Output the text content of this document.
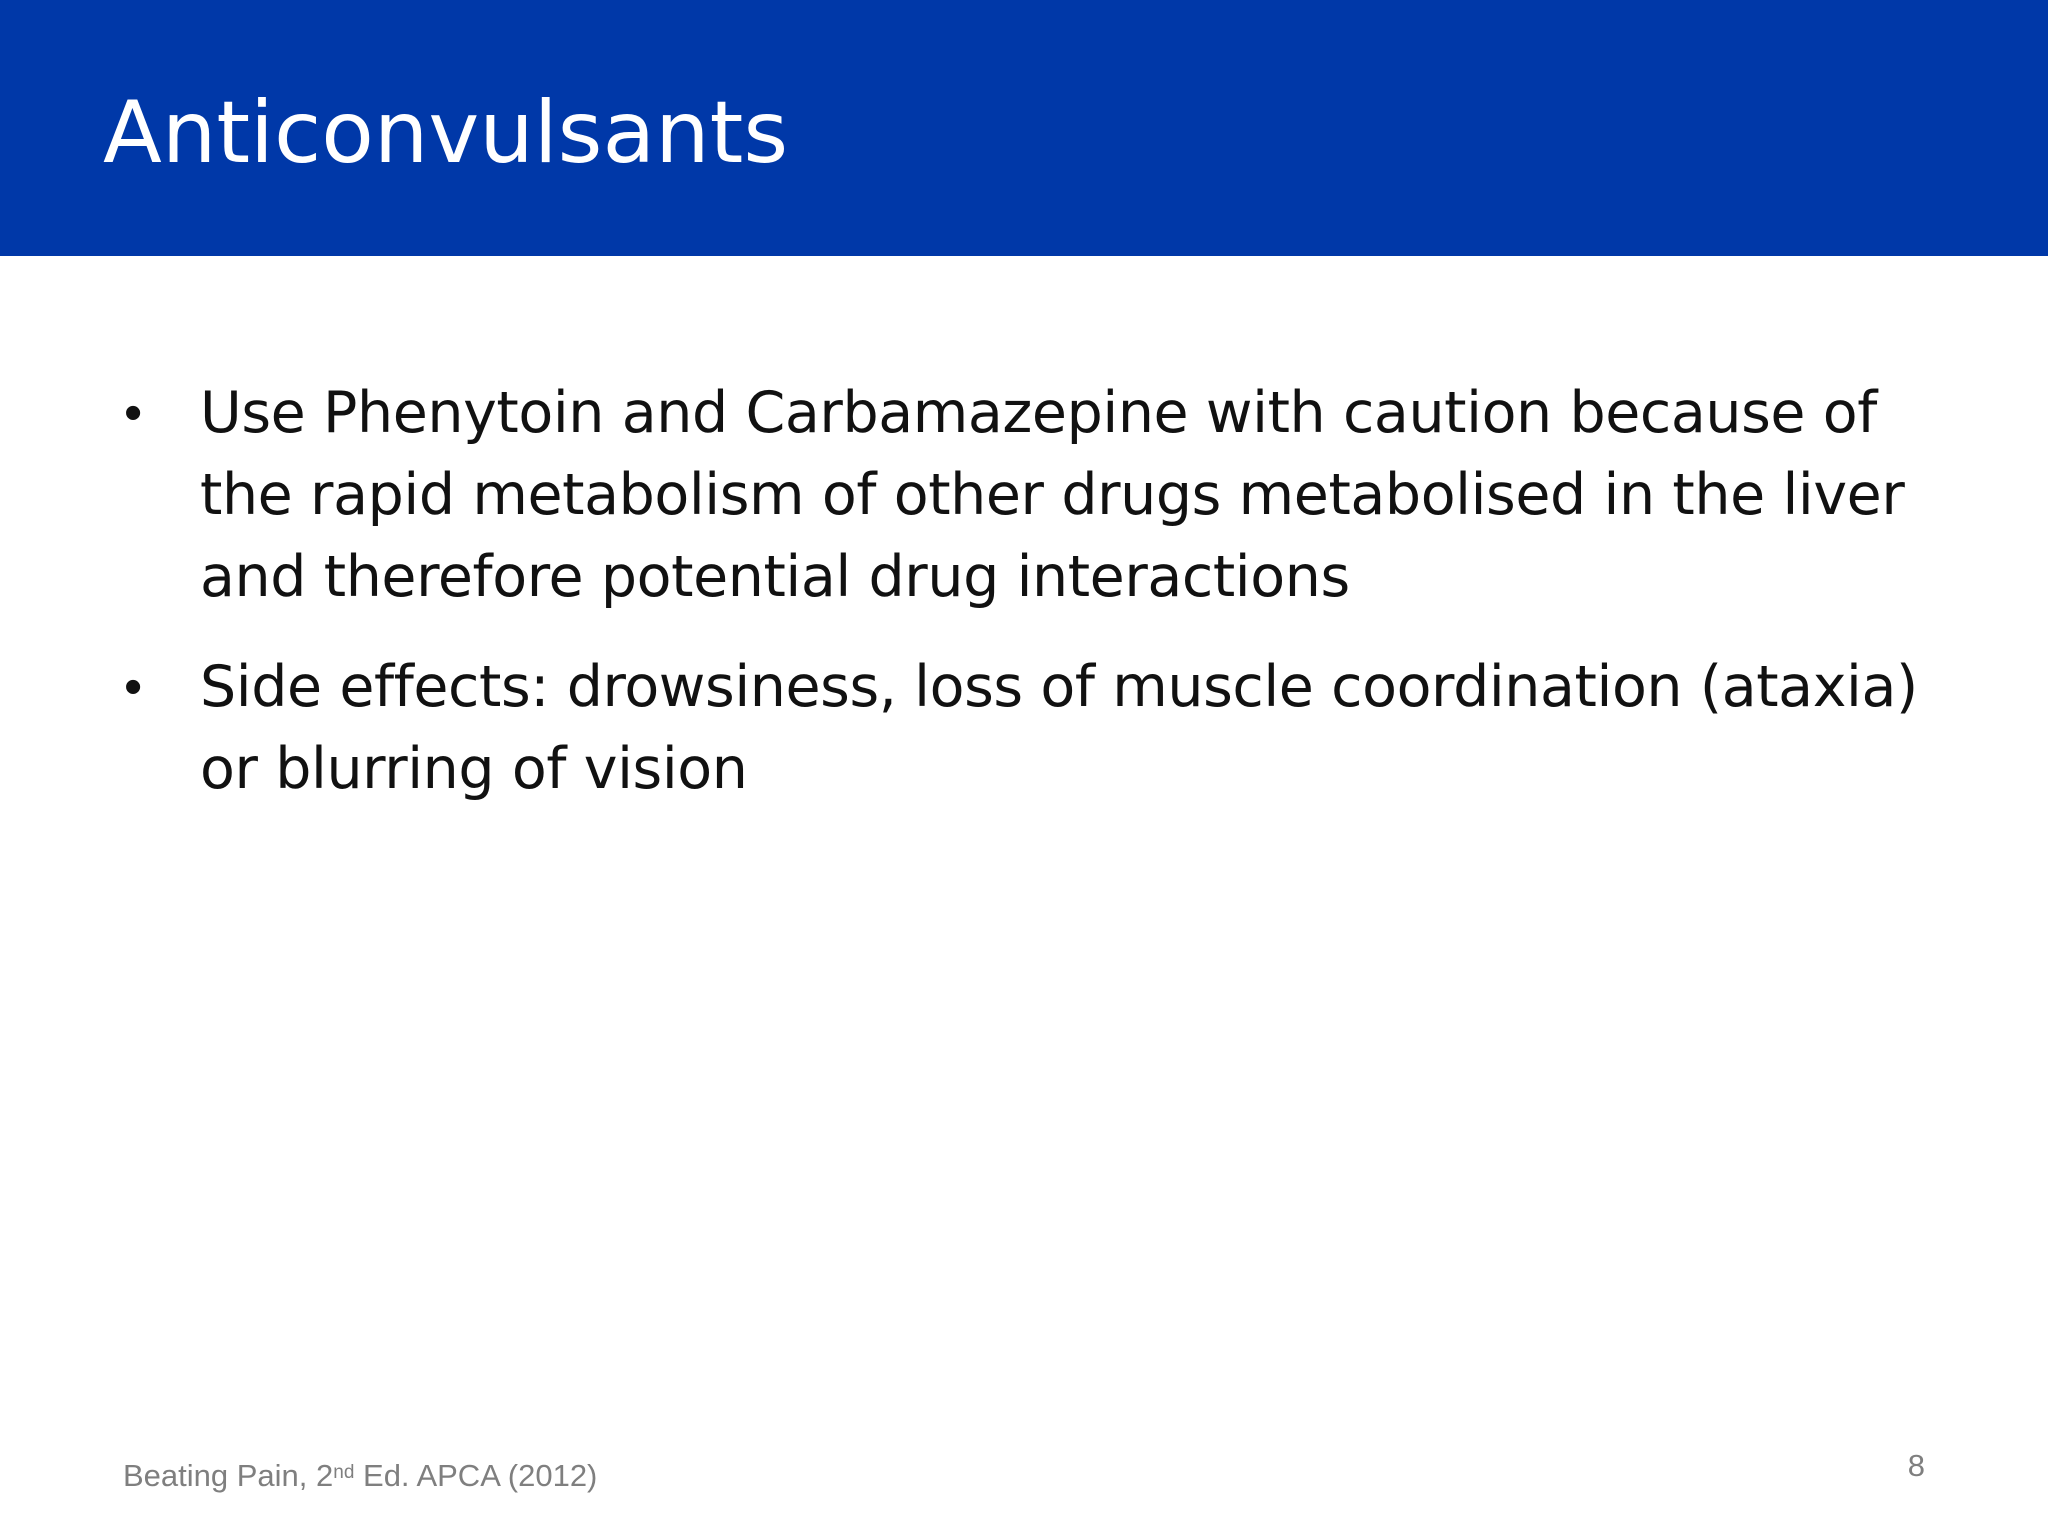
Anticonvulsants
• Use Phenytoin and Carbamazepine with caution because of the rapid metabolism of other drugs metabolised in the liver and therefore potential drug interactions
• Side effects: drowsiness, loss of muscle coordination (ataxia) or blurring of vision
Beating Pain, 2nd Ed. APCA (2012)	8
